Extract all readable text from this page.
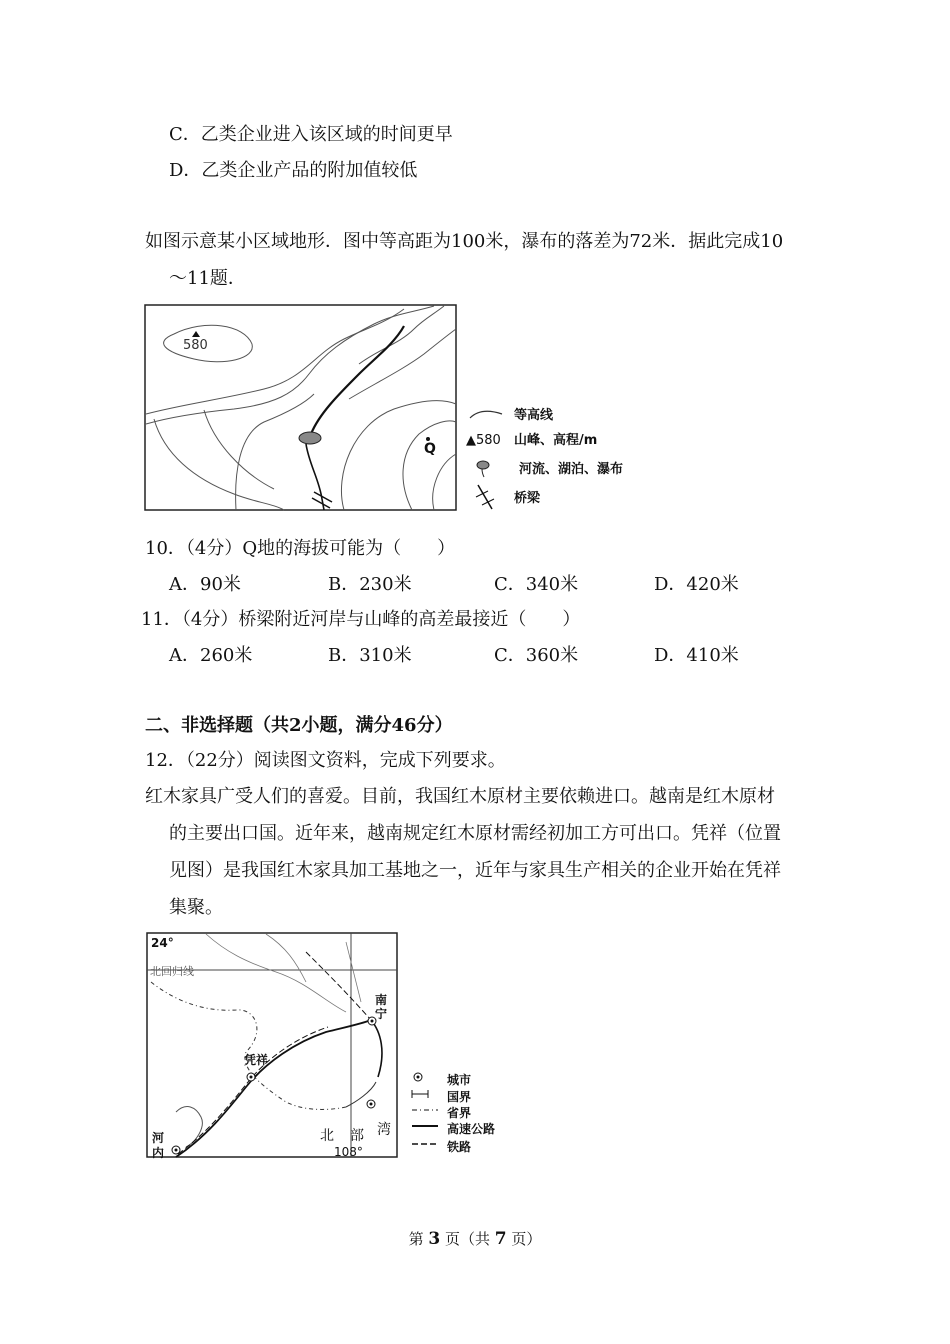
C．乙类企业进入该区域的时间更早
D．乙类企业产品的附加值较低
如图示意某小区域地形．图中等高距为100米，瀑布的落差为72米．据此完成10
～11题．
580
Q
等高线
▲580 山峰、高程/m
河流、湖泊、瀑布
桥梁
10．（4分）Q地的海拔可能为（　　）
A．90米	B．230米	C．340米	D．420米
11．（4分）桥梁附近河岸与山峰的高差最接近（　　）
A．260米	B．310米	C．360米	D．410米
二、非选择题（共2小题，满分46分）
12．（22分）阅读图文资料，完成下列要求。
红木家具广受人们的喜爱。目前，我国红木原材主要依赖进口。越南是红木原材
的主要出口国。近年来，越南规定红木原材需经初加工方可出口。凭祥（位置
见图）是我国红木家具加工基地之一，近年与家具生产相关的企业开始在凭祥
集聚。
24°
北回归线
南
宁
凭祥
河
内
北 部 湾
108°
城市
国界
省界
高速公路
铁路
第 3 页（共 7 页）
